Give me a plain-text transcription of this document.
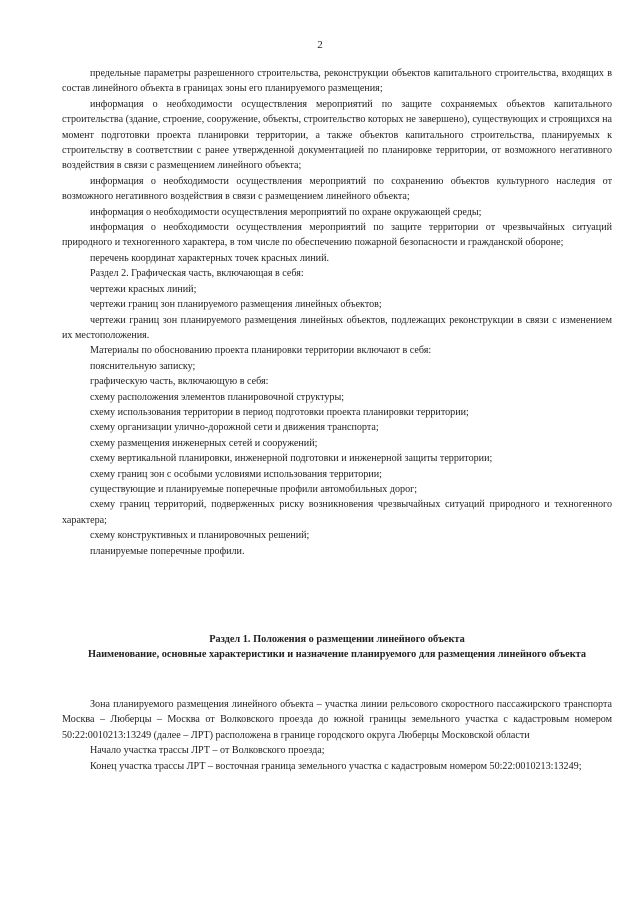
2

предельные параметры разрешенного строительства, реконструкции объектов капитального строительства, входящих в состав линейного объекта в границах зоны его планируемого размещения;

информация о необходимости осуществления мероприятий по защите сохраняемых объектов капитального строительства (здание, строение, сооружение, объекты, строительство которых не завершено), существующих и строящихся на момент подготовки проекта планировки территории, а также объектов капитального строительства, планируемых к строительству в соответствии с ранее утвержденной документацией по планировке территории, от возможного негативного воздействия в связи с размещением линейного объекта;

информация о необходимости осуществления мероприятий по сохранению объектов культурного наследия от возможного негативного воздействия в связи с размещением линейного объекта;

информация о необходимости осуществления мероприятий по охране окружающей среды;

информация о необходимости осуществления мероприятий по защите территории от чрезвычайных ситуаций природного и техногенного характера, в том числе по обеспечению пожарной безопасности и гражданской обороне;

перечень координат характерных точек красных линий.

Раздел 2. Графическая часть, включающая в себя:

чертежи красных линий;

чертежи границ зон планируемого размещения линейных объектов;

чертежи границ зон планируемого размещения линейных объектов, подлежащих реконструкции в связи с изменением их местоположения.

Материалы по обоснованию проекта планировки территории включают в себя:

пояснительную записку;

графическую часть, включающую в себя:

схему расположения элементов планировочной структуры;

схему использования территории в период подготовки проекта планировки территории;

схему организации улично-дорожной сети и движения транспорта;

схему размещения инженерных сетей и сооружений;

схему вертикальной планировки, инженерной подготовки и инженерной защиты территории;

схему границ зон с особыми условиями использования территории;

существующие и планируемые поперечные профили автомобильных дорог;

схему границ территорий, подверженных риску возникновения чрезвычайных ситуаций природного и техногенного характера;

схему конструктивных и планировочных решений;

планируемые поперечные профили.

Раздел 1. Положения о размещении линейного объекта
Наименование, основные характеристики и назначение планируемого для размещения линейного объекта

Зона планируемого размещения линейного объекта – участка линии рельсового скоростного пассажирского транспорта Москва – Люберцы – Москва от Волковского проезда до южной границы земельного участка с кадастровым номером 50:22:0010213:13249 (далее – ЛРТ) расположена в границе городского округа Люберцы Московской области

Начало участка трассы ЛРТ – от Волковского проезда;

Конец участка трассы ЛРТ – восточная граница земельного участка с кадастровым номером 50:22:0010213:13249;
